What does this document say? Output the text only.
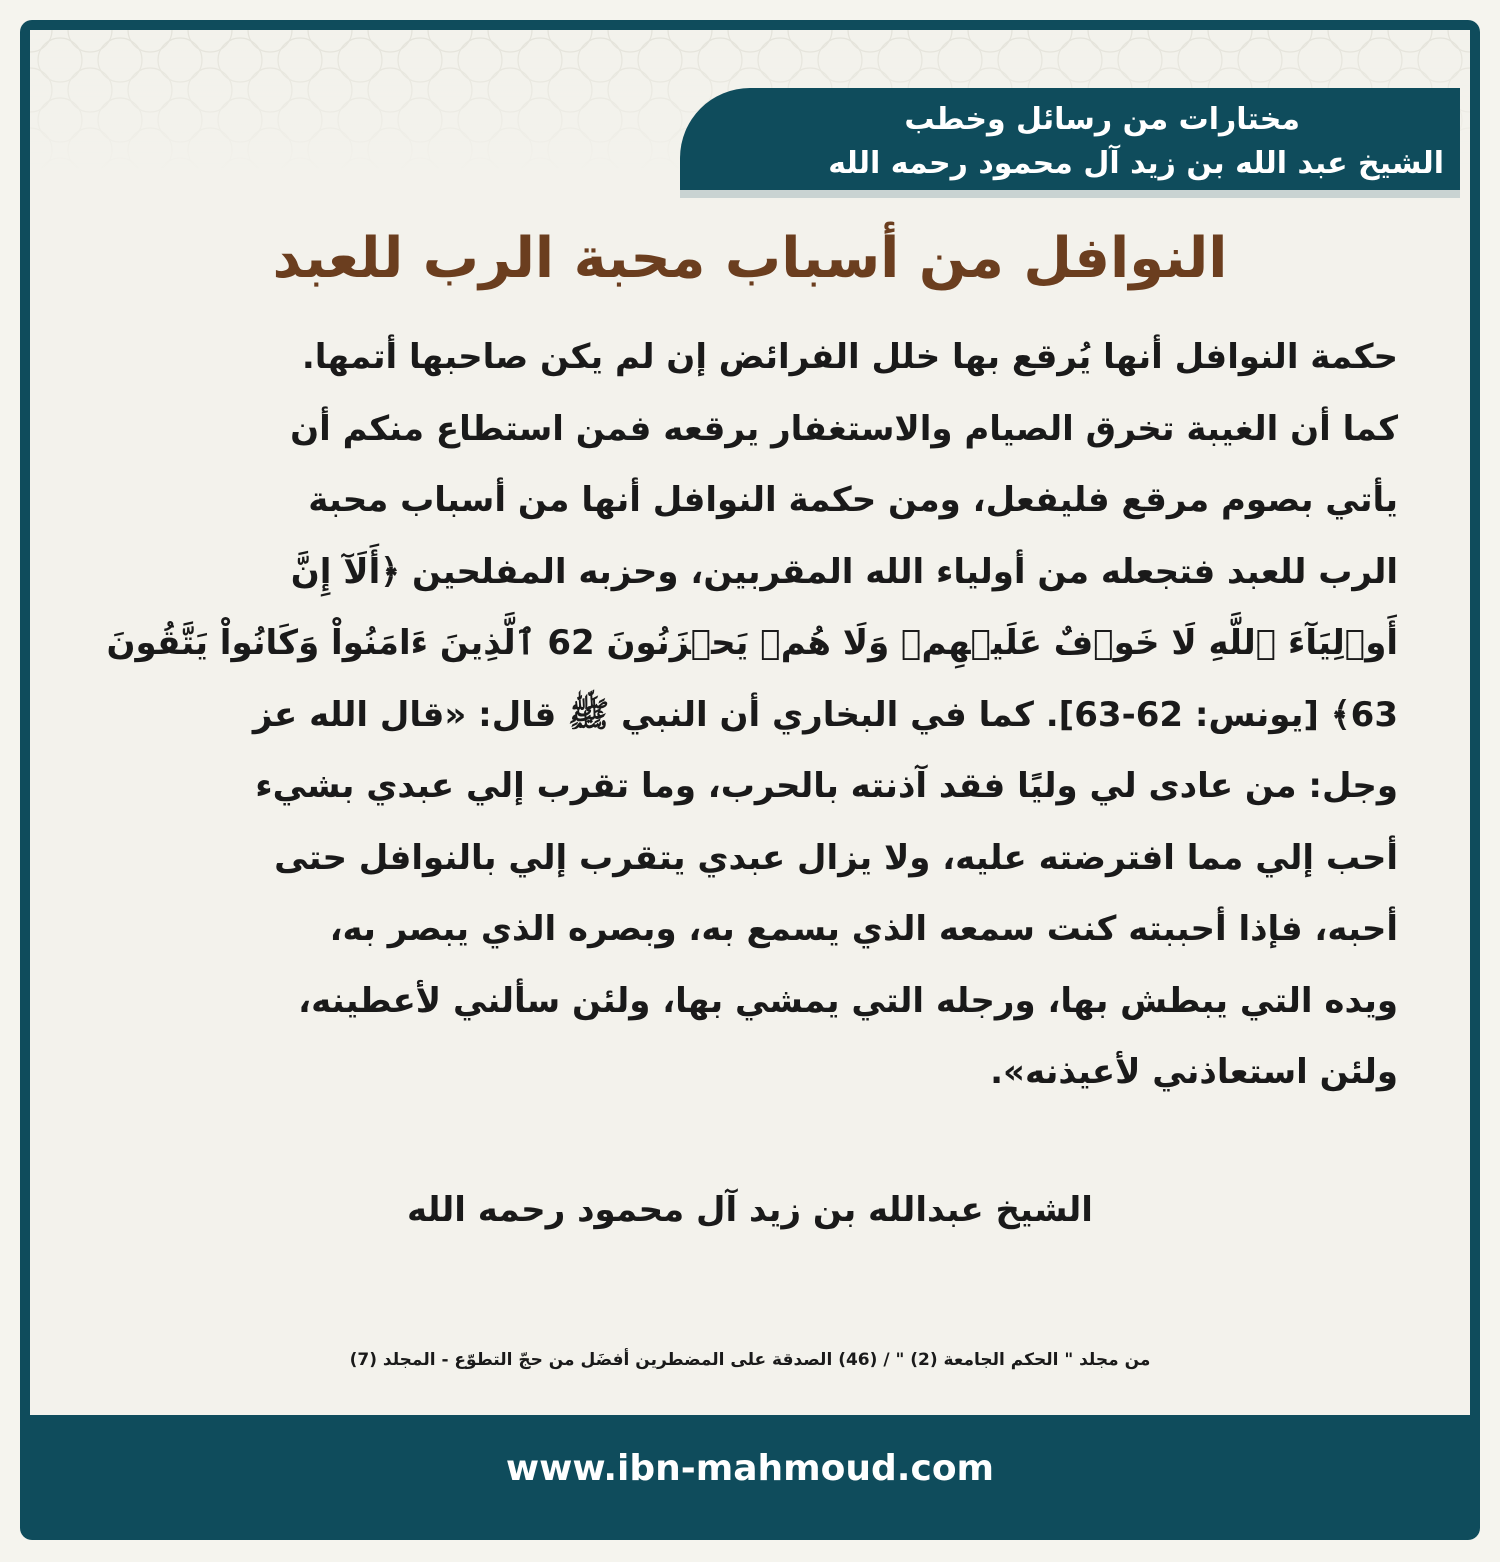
مختارات من رسائل وخطب
الشيخ عبد الله بن زيد آل محمود رحمه الله
النوافل من أسباب محبة الرب للعبد
حكمة النوافل أنها يُرقع بها خلل الفرائض إن لم يكن صاحبها أتمها.
كما أن الغيبة تخرق الصيام والاستغفار يرقعه فمن استطاع منكم أن
يأتي بصوم مرقع فليفعل، ومن حكمة النوافل أنها من أسباب محبة
الرب للعبد فتجعله من أولياء الله المقربين، وحزبه المفلحين ﴿أَلَآ إِنَّ
أَوۡلِيَآءَ ٱللَّهِ لَا خَوۡفٌ عَلَيۡهِمۡ وَلَا هُمۡ يَحۡزَنُونَ 62 ٱلَّذِينَ ءَامَنُواْ وَكَانُواْ يَتَّقُونَ
63﴾ [يونس: 62-63]. كما في البخاري أن النبي ﷺ قال: «قال الله عز
وجل: من عادى لي وليًا فقد آذنته بالحرب، وما تقرب إلي عبدي بشيء
أحب إلي مما افترضته عليه، ولا يزال عبدي يتقرب إلي بالنوافل حتى
أحبه، فإذا أحببته كنت سمعه الذي يسمع به، وبصره الذي يبصر به،
ويده التي يبطش بها، ورجله التي يمشي بها، ولئن سألني لأعطينه،
ولئن استعاذني لأعيذنه».
الشيخ عبدالله بن زيد آل محمود رحمه الله
من مجلد " الحكم الجامعة (2) " / (46) الصدقة على المضطرين أفضَل من حجّ التطوّع - المجلد (7)
www.ibn-mahmoud.com
